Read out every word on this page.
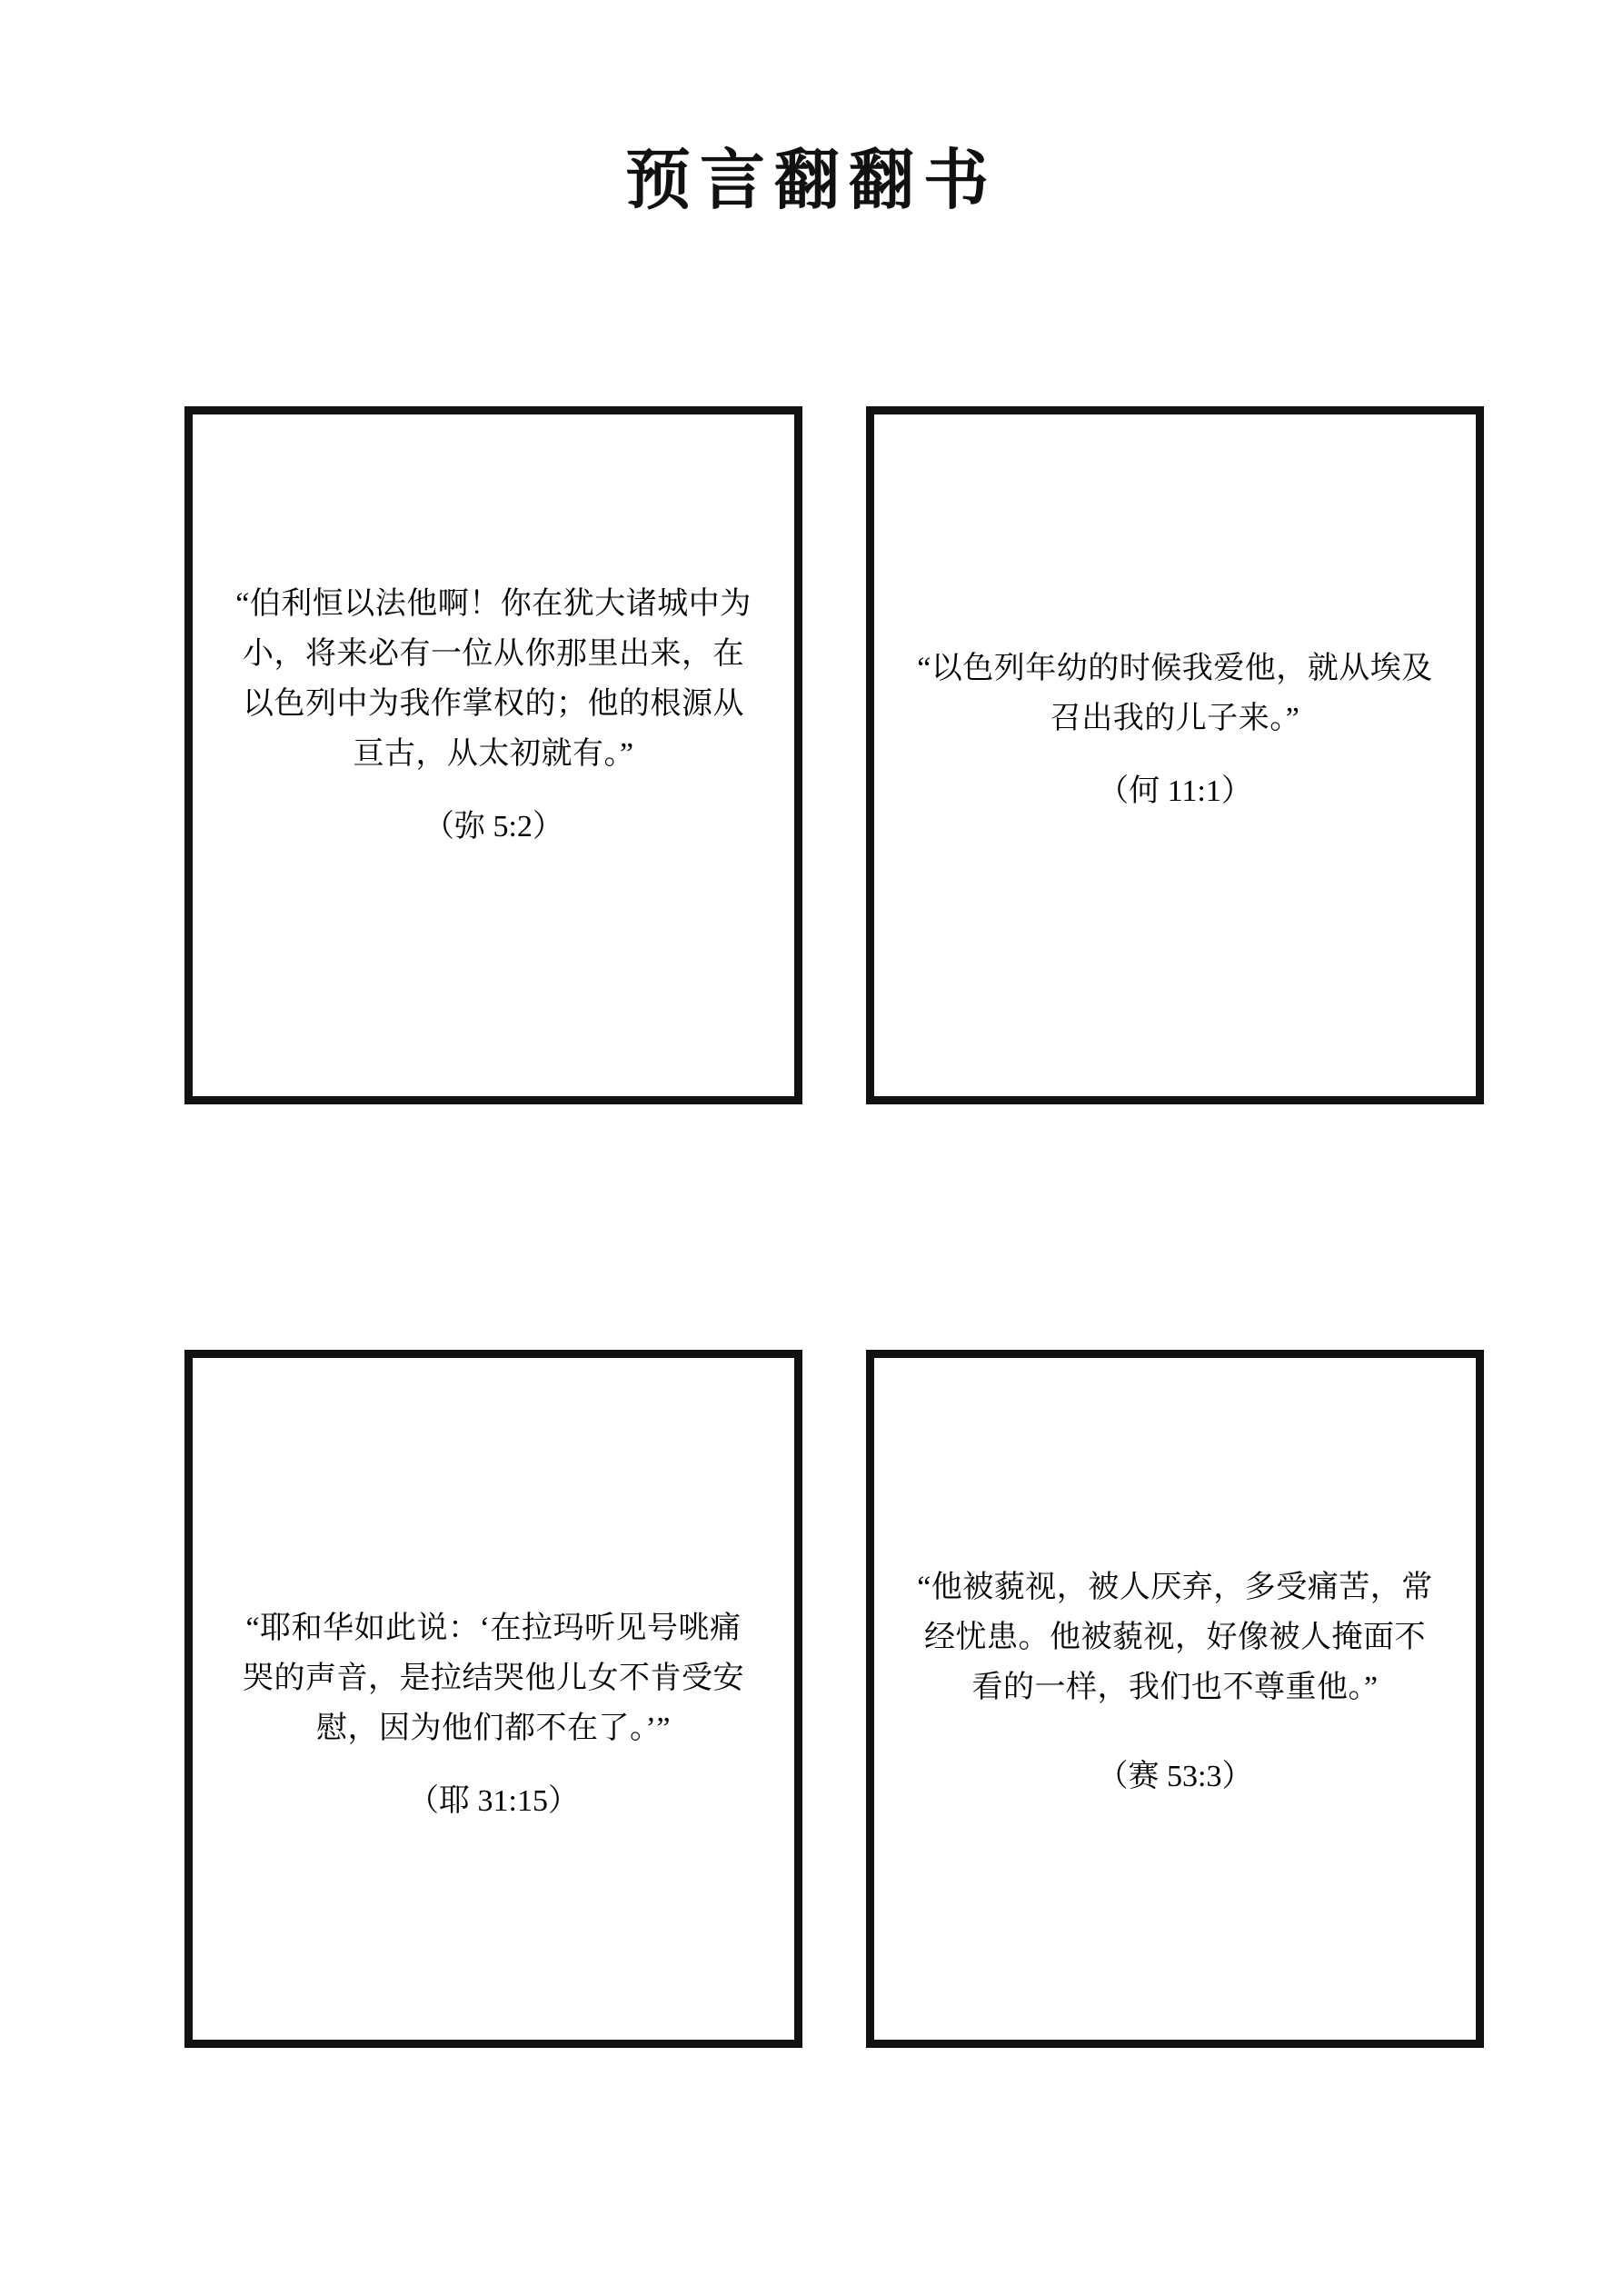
预言翻翻书
“伯利恒以法他啊！你在犹大诸城中为小，将来必有一位从你那里出来，在以色列中为我作掌权的；他的根源从亘古，从太初就有。”
（弥 5:2）
“以色列年幼的时候我爱他，就从埃及召出我的儿子来。”
（何 11:1）
“耶和华如此说：‘在拉玛听见号咷痛哭的声音，是拉结哭他儿女不肯受安慰，因为他们都不在了。’”
（耶 31:15）
“他被藐视，被人厌弃，多受痛苦，常经忧患。他被藐视，好像被人掩面不看的一样，我们也不尊重他。”
（赛 53:3）
